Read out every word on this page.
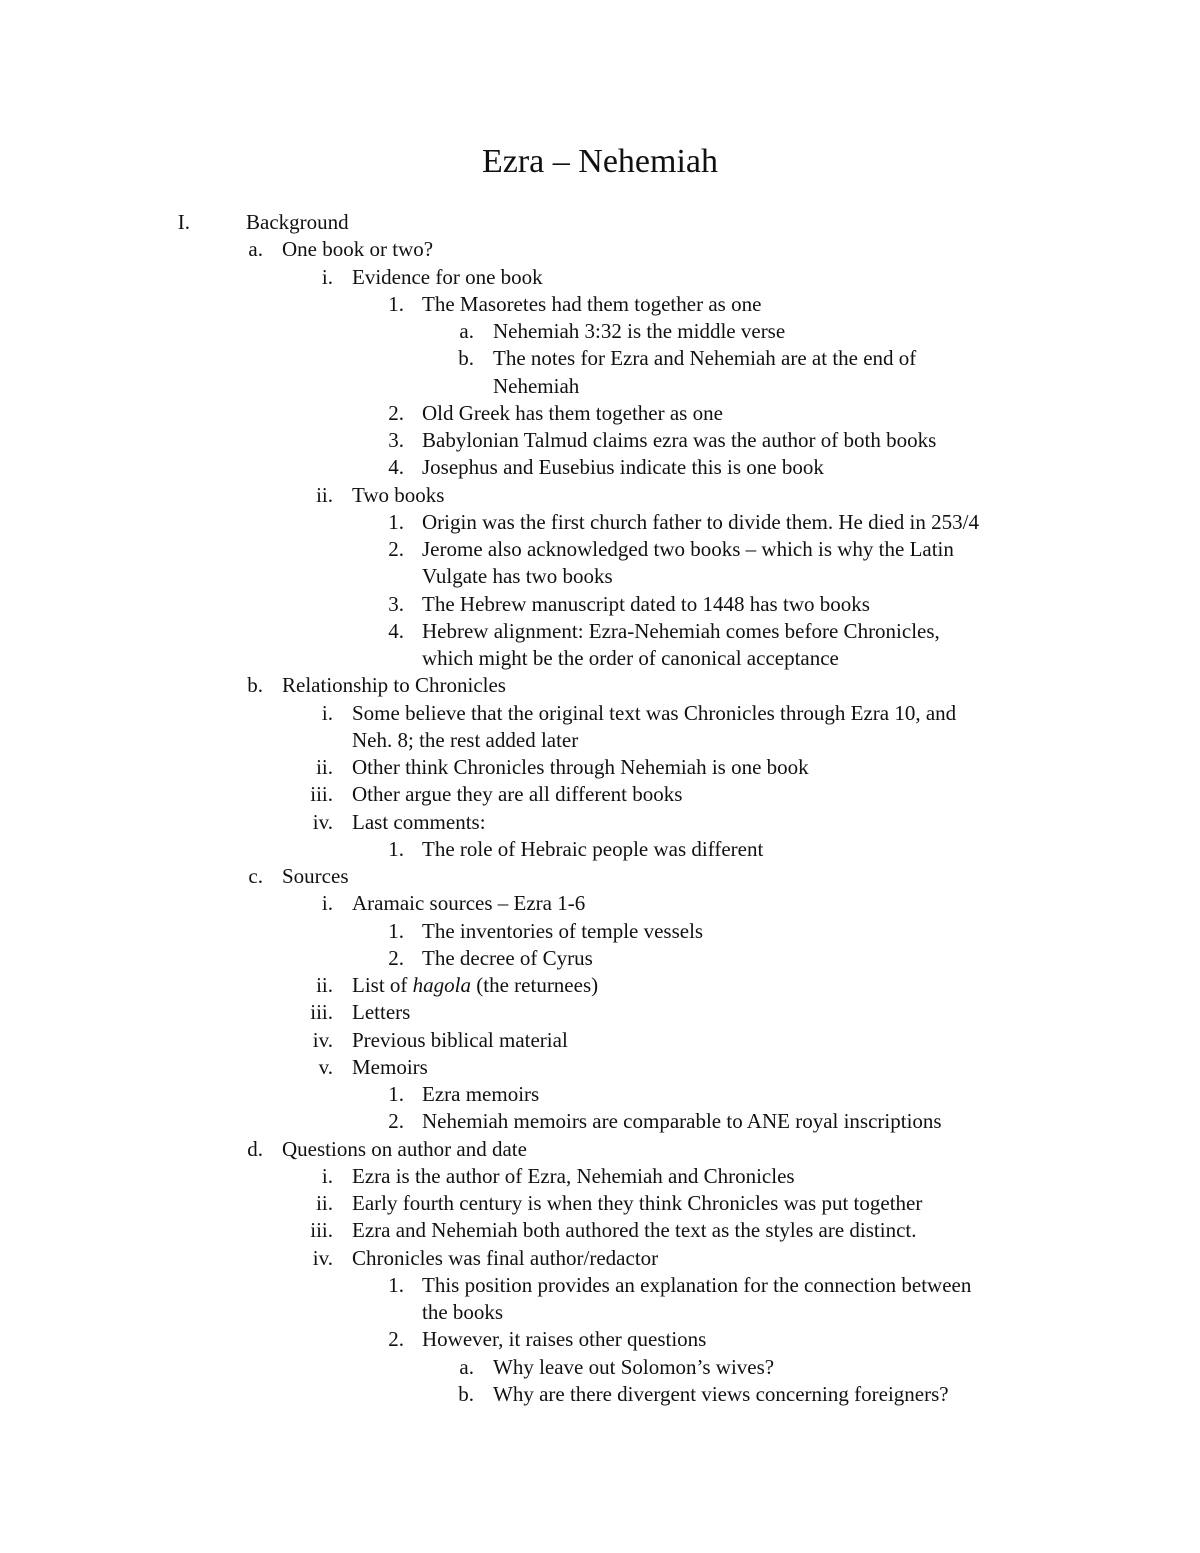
Ezra – Nehemiah
I.	Background
a. One book or two?
i. Evidence for one book
1. The Masoretes had them together as one
a. Nehemiah 3:32 is the middle verse
b. The notes for Ezra and Nehemiah are at the end of
Nehemiah
2. Old Greek has them together as one
3. Babylonian Talmud claims ezra was the author of both books
4. Josephus and Eusebius indicate this is one book
ii. Two books
1. Origin was the first church father to divide them. He died in 253/4
2. Jerome also acknowledged two books – which is why the Latin
Vulgate has two books
3. The Hebrew manuscript dated to 1448 has two books
4. Hebrew alignment: Ezra-Nehemiah comes before Chronicles,
which might be the order of canonical acceptance
b. Relationship to Chronicles
i. Some believe that the original text was Chronicles through Ezra 10, and
Neh. 8; the rest added later
ii. Other think Chronicles through Nehemiah is one book
iii. Other argue they are all different books
iv. Last comments:
1. The role of Hebraic people was different
c. Sources
i. Aramaic sources – Ezra 1-6
1. The inventories of temple vessels
2. The decree of Cyrus
ii. List of hagola (the returnees)
iii. Letters
iv. Previous biblical material
v. Memoirs
1. Ezra memoirs
2. Nehemiah memoirs are comparable to ANE royal inscriptions
d. Questions on author and date
i. Ezra is the author of Ezra, Nehemiah and Chronicles
ii. Early fourth century is when they think Chronicles was put together
iii. Ezra and Nehemiah both authored the text as the styles are distinct.
iv. Chronicles was final author/redactor
1. This position provides an explanation for the connection between
the books
2. However, it raises other questions
a. Why leave out Solomon’s wives?
b. Why are there divergent views concerning foreigners?
